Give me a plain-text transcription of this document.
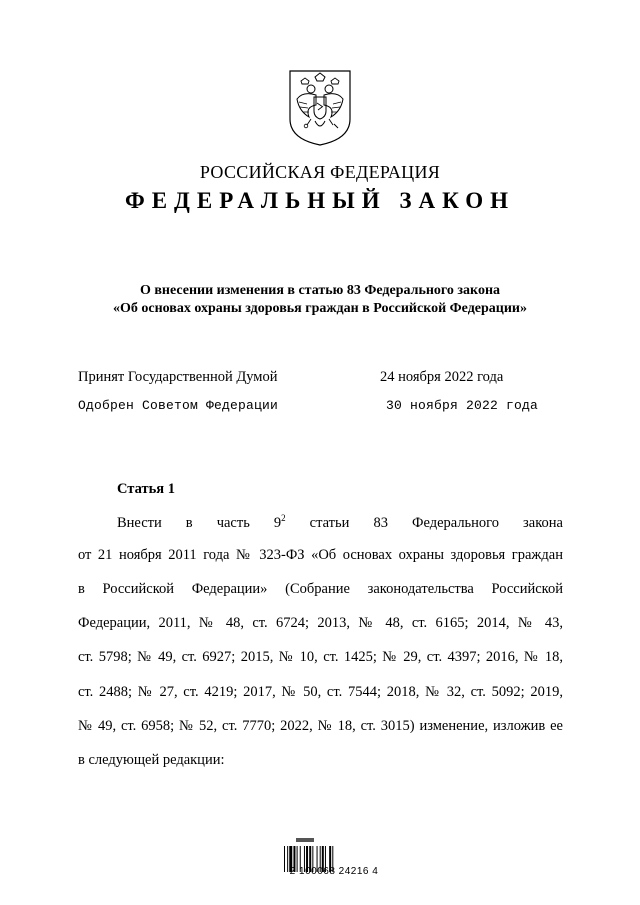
РОССИЙСКАЯ ФЕДЕРАЦИЯ
ФЕДЕРАЛЬНЫЙ ЗАКОН
О внесении изменения в статью 83 Федерального закона
«Об основах охраны здоровья граждан в Российской Федерации»
Принят Государственной Думой	24 ноября 2022 года
Одобрен Советом Федерации	30 ноября 2022 года
Статья 1
Внести в часть $9^2$ статьи 83 Федерального закона
от 21 ноября 2011 года № 323-ФЗ «Об основах охраны здоровья граждан
в Российской Федерации» (Собрание законодательства Российской
Федерации, 2011, № 48, ст. 6724; 2013, № 48, ст. 6165; 2014, № 43,
ст. 5798; № 49, ст. 6927; 2015, № 10, ст. 1425; № 29, ст. 4397; 2016, № 18,
ст. 2488; № 27, ст. 4219; 2017, № 50, ст. 7544; 2018, № 32, ст. 5092; 2019,
№ 49, ст. 6958; № 52, ст. 7770; 2022, № 18, ст. 3015) изменение, изложив ее
в следующей редакции:
2 100068 24216 4
